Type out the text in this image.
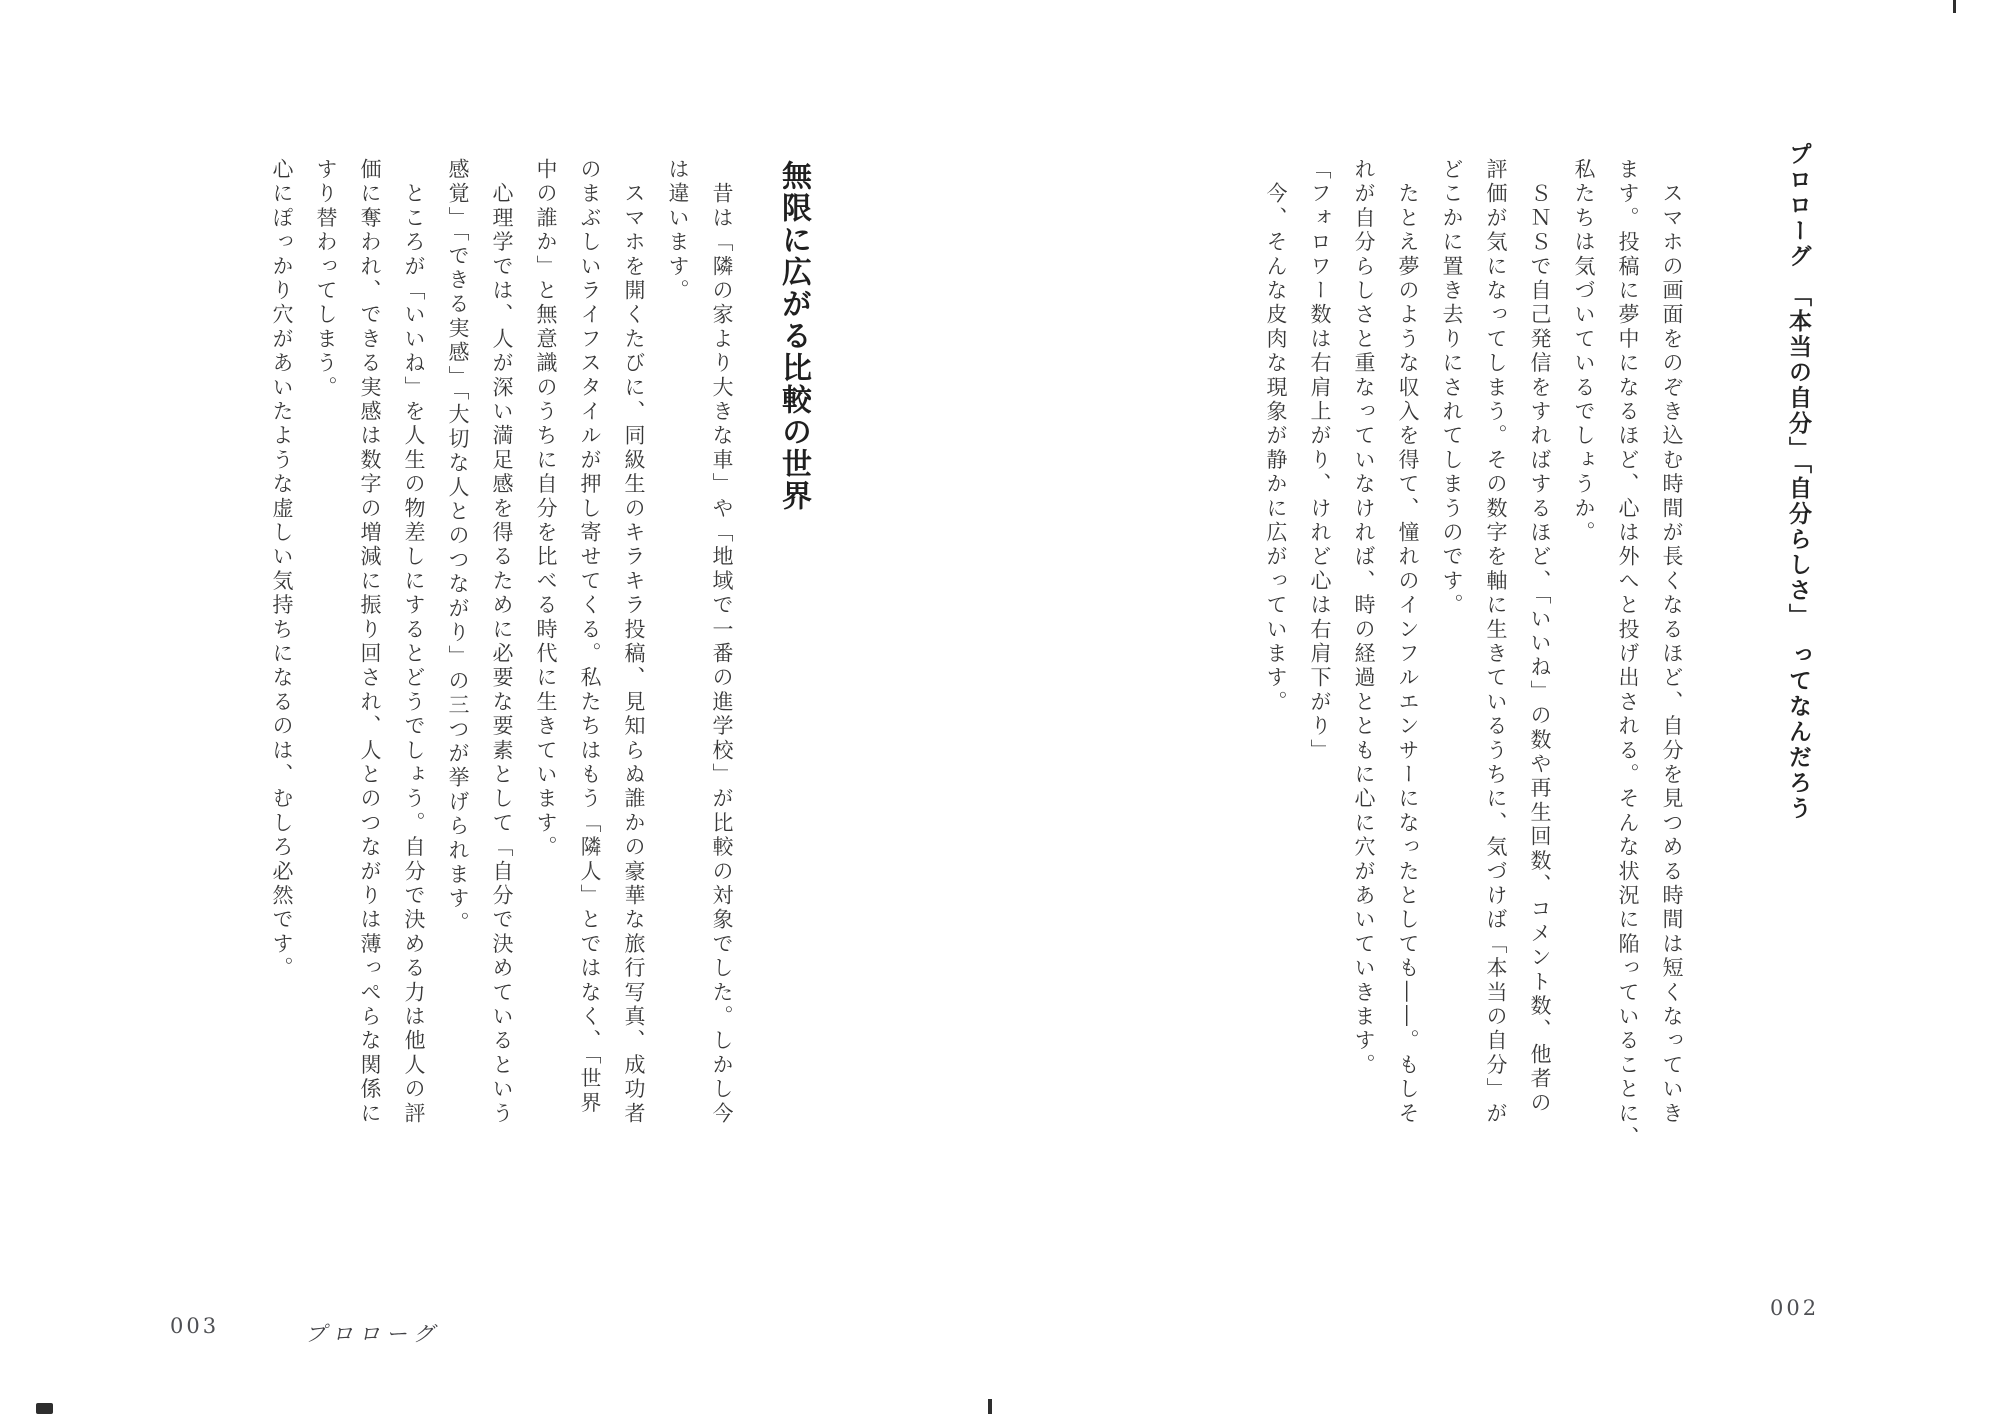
プロローグ　「本当の自分」「自分らしさ」　ってなんだろう
　スマホの画面をのぞき込む時間が長くなるほど、自分を見つめる時間は短くなっていき
ます。投稿に夢中になるほど、心は外へと投げ出される。そんな状況に陥っていることに、
私たちは気づいているでしょうか。
　ＳＮＳで自己発信をすればするほど、「いいね」の数や再生回数、コメント数、他者の
評価が気になってしまう。その数字を軸に生きているうちに、気づけば「本当の自分」が
どこかに置き去りにされてしまうのです。
　たとえ夢のような収入を得て、憧れのインフルエンサーになったとしても――。もしそ
れが自分らしさと重なっていなければ、時の経過とともに心に穴があいていきます。
「フォロワー数は右肩上がり、けれど心は右肩下がり」
　今、そんな皮肉な現象が静かに広がっています。
002
無限に広がる比較の世界
　昔は「隣の家より大きな車」や「地域で一番の進学校」が比較の対象でした。しかし今
は違います。
　スマホを開くたびに、同級生のキラキラ投稿、見知らぬ誰かの豪華な旅行写真、成功者
のまぶしいライフスタイルが押し寄せてくる。私たちはもう「隣人」とではなく、「世界
中の誰か」と無意識のうちに自分を比べる時代に生きています。
　心理学では、人が深い満足感を得るために必要な要素として「自分で決めているという
感覚」「できる実感」「大切な人とのつながり」の三つが挙げられます。
　ところが「いいね」を人生の物差しにするとどうでしょう。自分で決める力は他人の評
価に奪われ、できる実感は数字の増減に振り回され、人とのつながりは薄っぺらな関係に
すり替わってしまう。
心にぽっかり穴があいたような虚しい気持ちになるのは、むしろ必然です。
003	プロローグ
